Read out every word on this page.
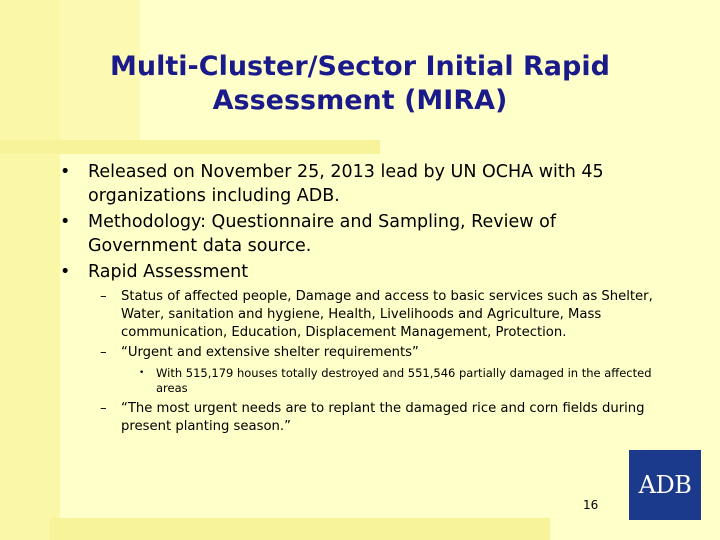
Multi-Cluster/Sector Initial Rapid
Assessment (MIRA)
• Released on November 25, 2013 lead by UN OCHA with 45 organizations including ADB.
• Methodology: Questionnaire and Sampling, Review of Government data source.
• Rapid Assessment
– Status of affected people, Damage and access to basic services such as Shelter, Water, sanitation and hygiene, Health, Livelihoods and Agriculture, Mass communication, Education, Displacement Management, Protection.
– “Urgent and extensive shelter requirements”
• With 515,179 houses totally destroyed and 551,546 partially damaged in the affected areas
– “The most urgent needs are to replant the damaged rice and corn fields during present planting season.”
16
ADB
